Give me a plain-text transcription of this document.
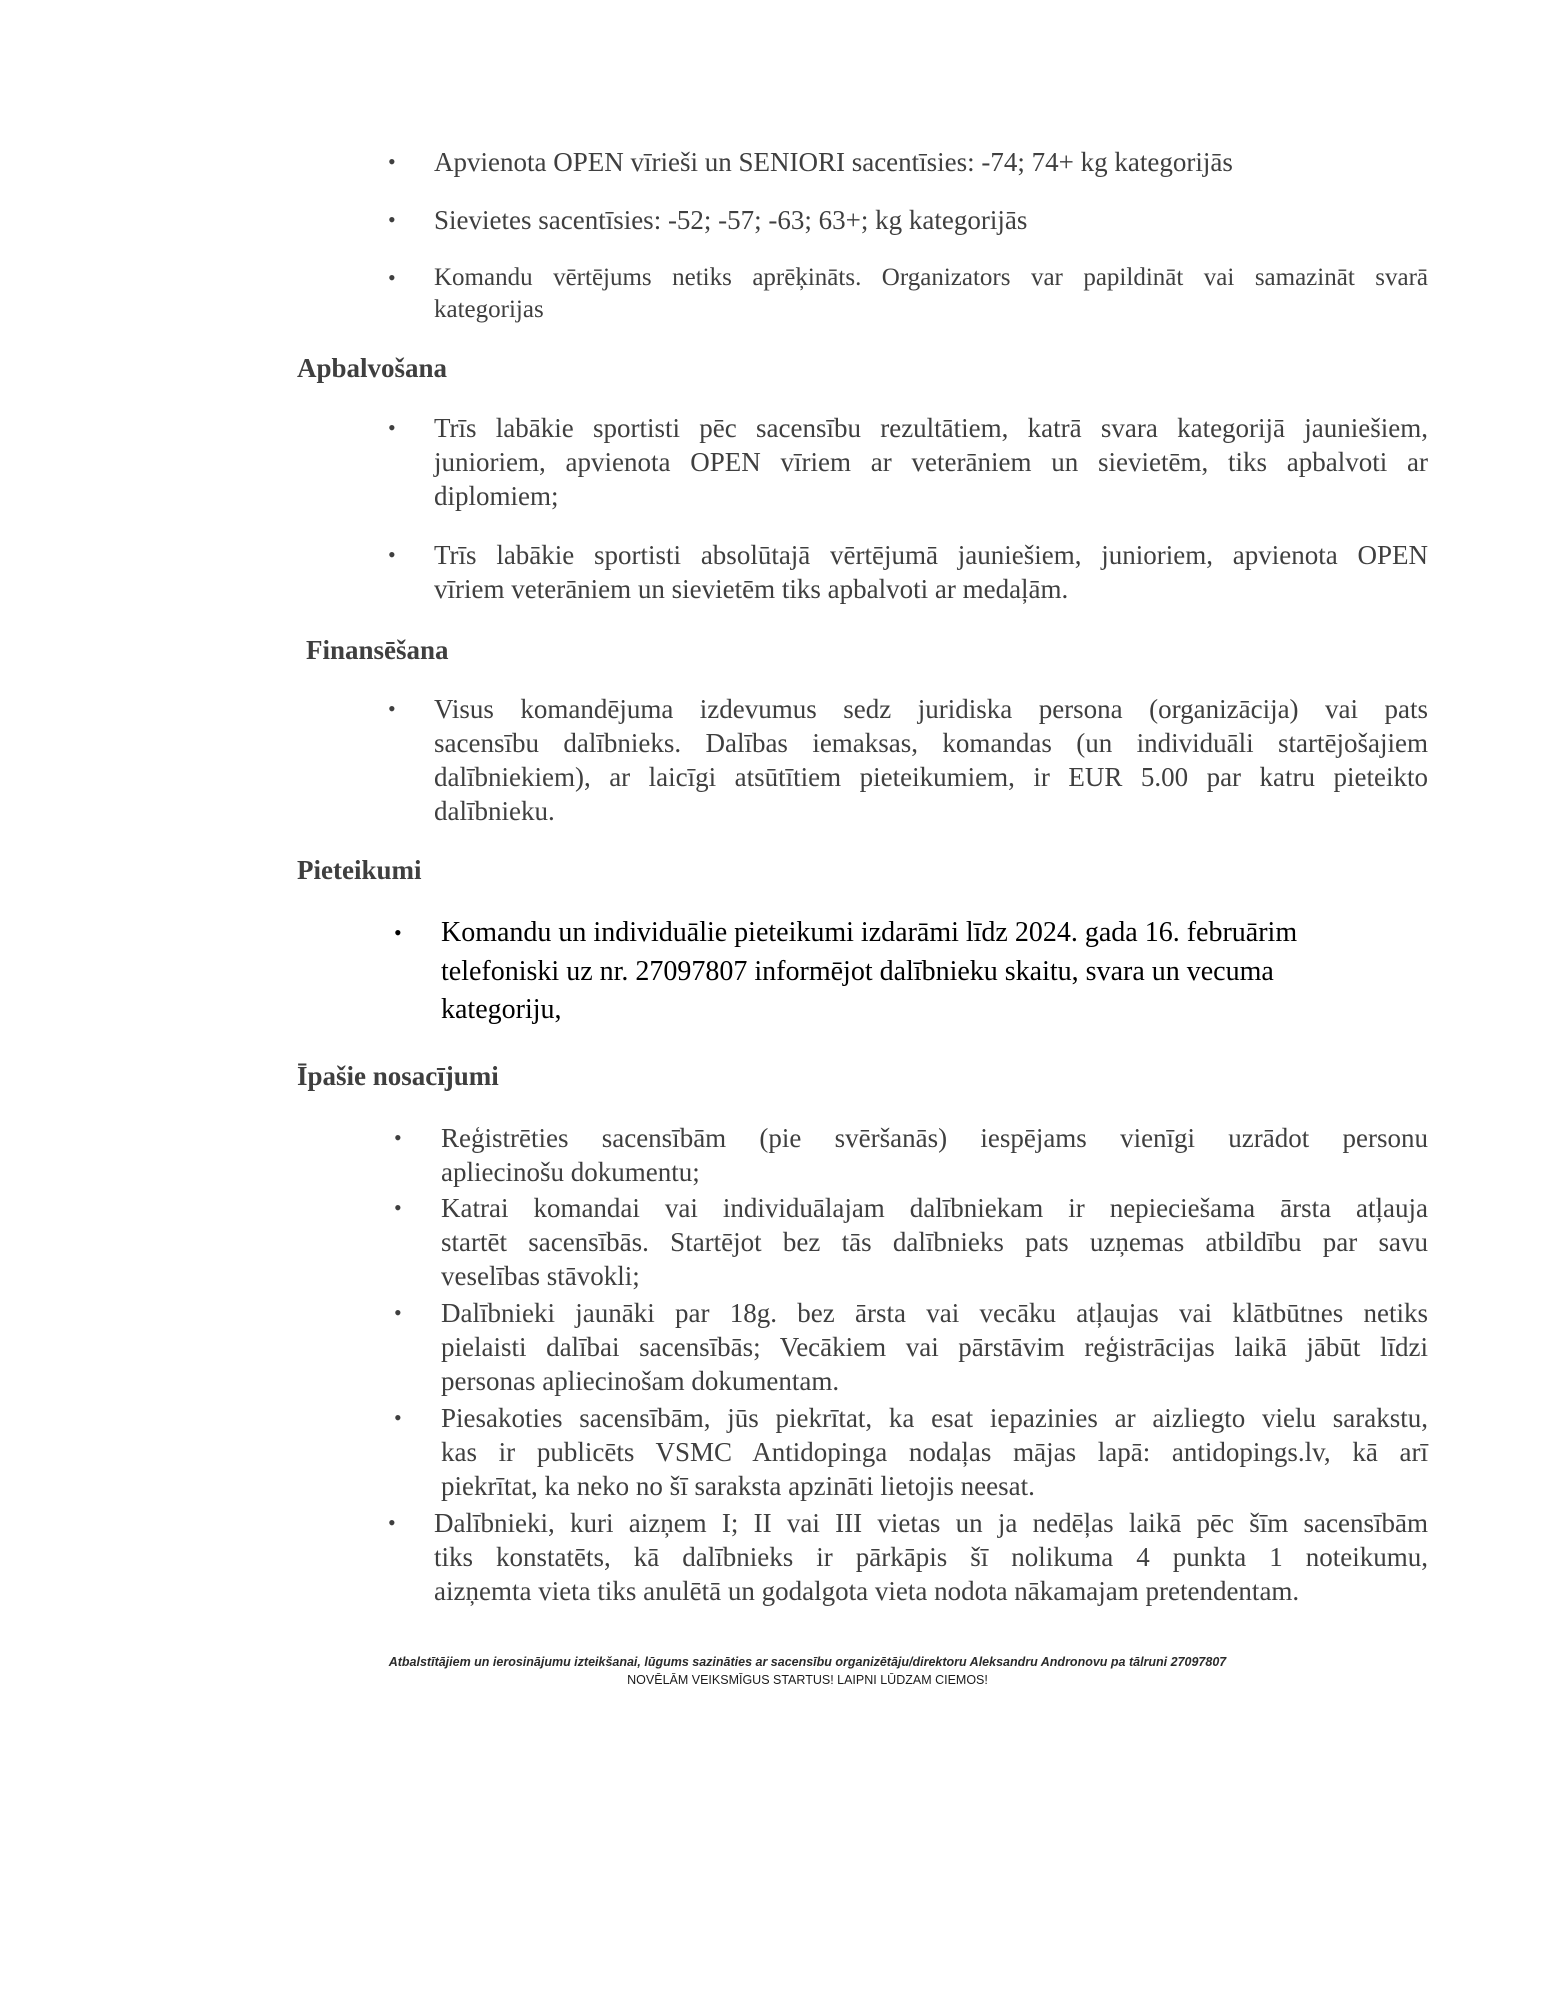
• Apvienota OPEN vīrieši un SENIORI sacentīsies: -74; 74+ kg kategorijās
• Sievietes sacentīsies: -52; -57; -63; 63+; kg kategorijās
• Komandu vērtējums netiks aprēķināts. Organizators var papildināt vai samazināt svarā
kategorijas
Apbalvošana
• Trīs labākie sportisti pēc sacensību rezultātiem, katrā svara kategorijā jauniešiem,
junioriem, apvienota OPEN vīriem ar veterāniem un sievietēm, tiks apbalvoti ar
diplomiem;
• Trīs labākie sportisti absolūtajā vērtējumā jauniešiem, junioriem, apvienota OPEN
vīriem veterāniem un sievietēm tiks apbalvoti ar medaļām.
Finansēšana
• Visus komandējuma izdevumus sedz juridiska persona (organizācija) vai pats
sacensību dalībnieks. Dalības iemaksas, komandas (un individuāli startējošajiem
dalībniekiem), ar laicīgi atsūtītiem pieteikumiem, ir EUR 5.00 par katru pieteikto
dalībnieku.
Pieteikumi
• Komandu un individuālie pieteikumi izdarāmi līdz 2024. gada 16. februārim
telefoniski uz nr. 27097807 informējot dalībnieku skaitu, svara un vecuma
kategoriju,
Īpašie nosacījumi
• Reģistrēties sacensībām (pie svēršanās) iespējams vienīgi uzrādot personu
apliecinošu dokumentu;
• Katrai komandai vai individuālajam dalībniekam ir nepieciešama ārsta atļauja
startēt sacensībās. Startējot bez tās dalībnieks pats uzņemas atbildību par savu
veselības stāvokli;
• Dalībnieki jaunāki par 18g. bez ārsta vai vecāku atļaujas vai klātbūtnes netiks
pielaisti dalībai sacensībās; Vecākiem vai pārstāvim reģistrācijas laikā jābūt līdzi
personas apliecinošam dokumentam.
• Piesakoties sacensībām, jūs piekrītat, ka esat iepazinies ar aizliegto vielu sarakstu,
kas ir publicēts VSMC Antidopinga nodaļas mājas lapā: antidopings.lv, kā arī
piekrītat, ka neko no šī saraksta apzināti lietojis neesat.
• Dalībnieki, kuri aizņem I; II vai III vietas un ja nedēļas laikā pēc šīm sacensībām
tiks konstatēts, kā dalībnieks ir pārkāpis šī nolikuma 4 punkta 1 noteikumu,
aizņemta vieta tiks anulētā un godalgota vieta nodota nākamajam pretendentam.
Atbalstītājiem un ierosinājumu izteikšanai, lūgums sazināties ar sacensību organizētāju/direktoru Aleksandru Andronovu pa tālruni 27097807
NOVĒLĀM VEIKSMĪGUS STARTUS! LAIPNI LŪDZAM CIEMOS!
